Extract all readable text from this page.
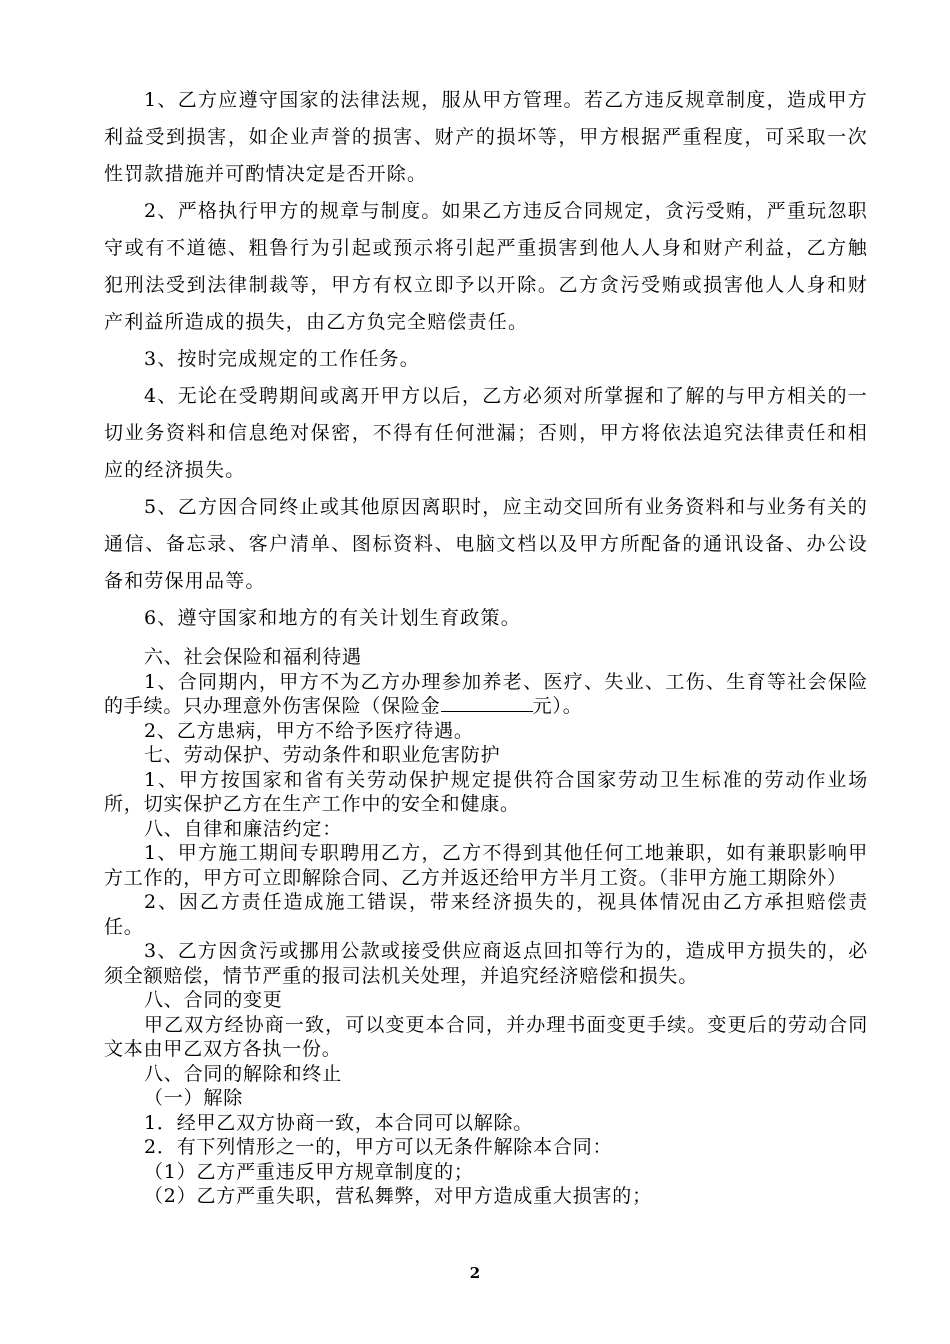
1、乙方应遵守国家的法律法规，服从甲方管理。若乙方违反规章制度，造成甲方利益受到损害，如企业声誉的损害、财产的损坏等，甲方根据严重程度，可采取一次性罚款措施并可酌情决定是否开除。

2、严格执行甲方的规章与制度。如果乙方违反合同规定，贪污受贿，严重玩忽职守或有不道德、粗鲁行为引起或预示将引起严重损害到他人人身和财产利益，乙方触犯刑法受到法律制裁等，甲方有权立即予以开除。乙方贪污受贿或损害他人人身和财产利益所造成的损失，由乙方负完全赔偿责任。

3、按时完成规定的工作任务。

4、无论在受聘期间或离开甲方以后，乙方必须对所掌握和了解的与甲方相关的一切业务资料和信息绝对保密，不得有任何泄漏；否则，甲方将依法追究法律责任和相应的经济损失。

5、乙方因合同终止或其他原因离职时，应主动交回所有业务资料和与业务有关的通信、备忘录、客户清单、图标资料、电脑文档以及甲方所配备的通讯设备、办公设备和劳保用品等。

6、遵守国家和地方的有关计划生育政策。

六、社会保险和福利待遇

1、合同期内，甲方不为乙方办理参加养老、医疗、失业、工伤、生育等社会保险的手续。只办理意外伤害保险（保险金	元）。

2、乙方患病，甲方不给予医疗待遇。

七、劳动保护、劳动条件和职业危害防护

1、甲方按国家和省有关劳动保护规定提供符合国家劳动卫生标准的劳动作业场所，切实保护乙方在生产工作中的安全和健康。

八、自律和廉洁约定：

1、甲方施工期间专职聘用乙方，乙方不得到其他任何工地兼职，如有兼职影响甲方工作的，甲方可立即解除合同、乙方并返还给甲方半月工资。（非甲方施工期除外）

2、因乙方责任造成施工错误，带来经济损失的，视具体情况由乙方承担赔偿责任。

3、乙方因贪污或挪用公款或接受供应商返点回扣等行为的，造成甲方损失的，必须全额赔偿，情节严重的报司法机关处理，并追究经济赔偿和损失。

八、合同的变更

甲乙双方经协商一致，可以变更本合同，并办理书面变更手续。变更后的劳动合同文本由甲乙双方各执一份。

八、合同的解除和终止

（一）解除

1．经甲乙双方协商一致，本合同可以解除。

2．有下列情形之一的，甲方可以无条件解除本合同：

（1）乙方严重违反甲方规章制度的；

（2）乙方严重失职，营私舞弊，对甲方造成重大损害的；

2
